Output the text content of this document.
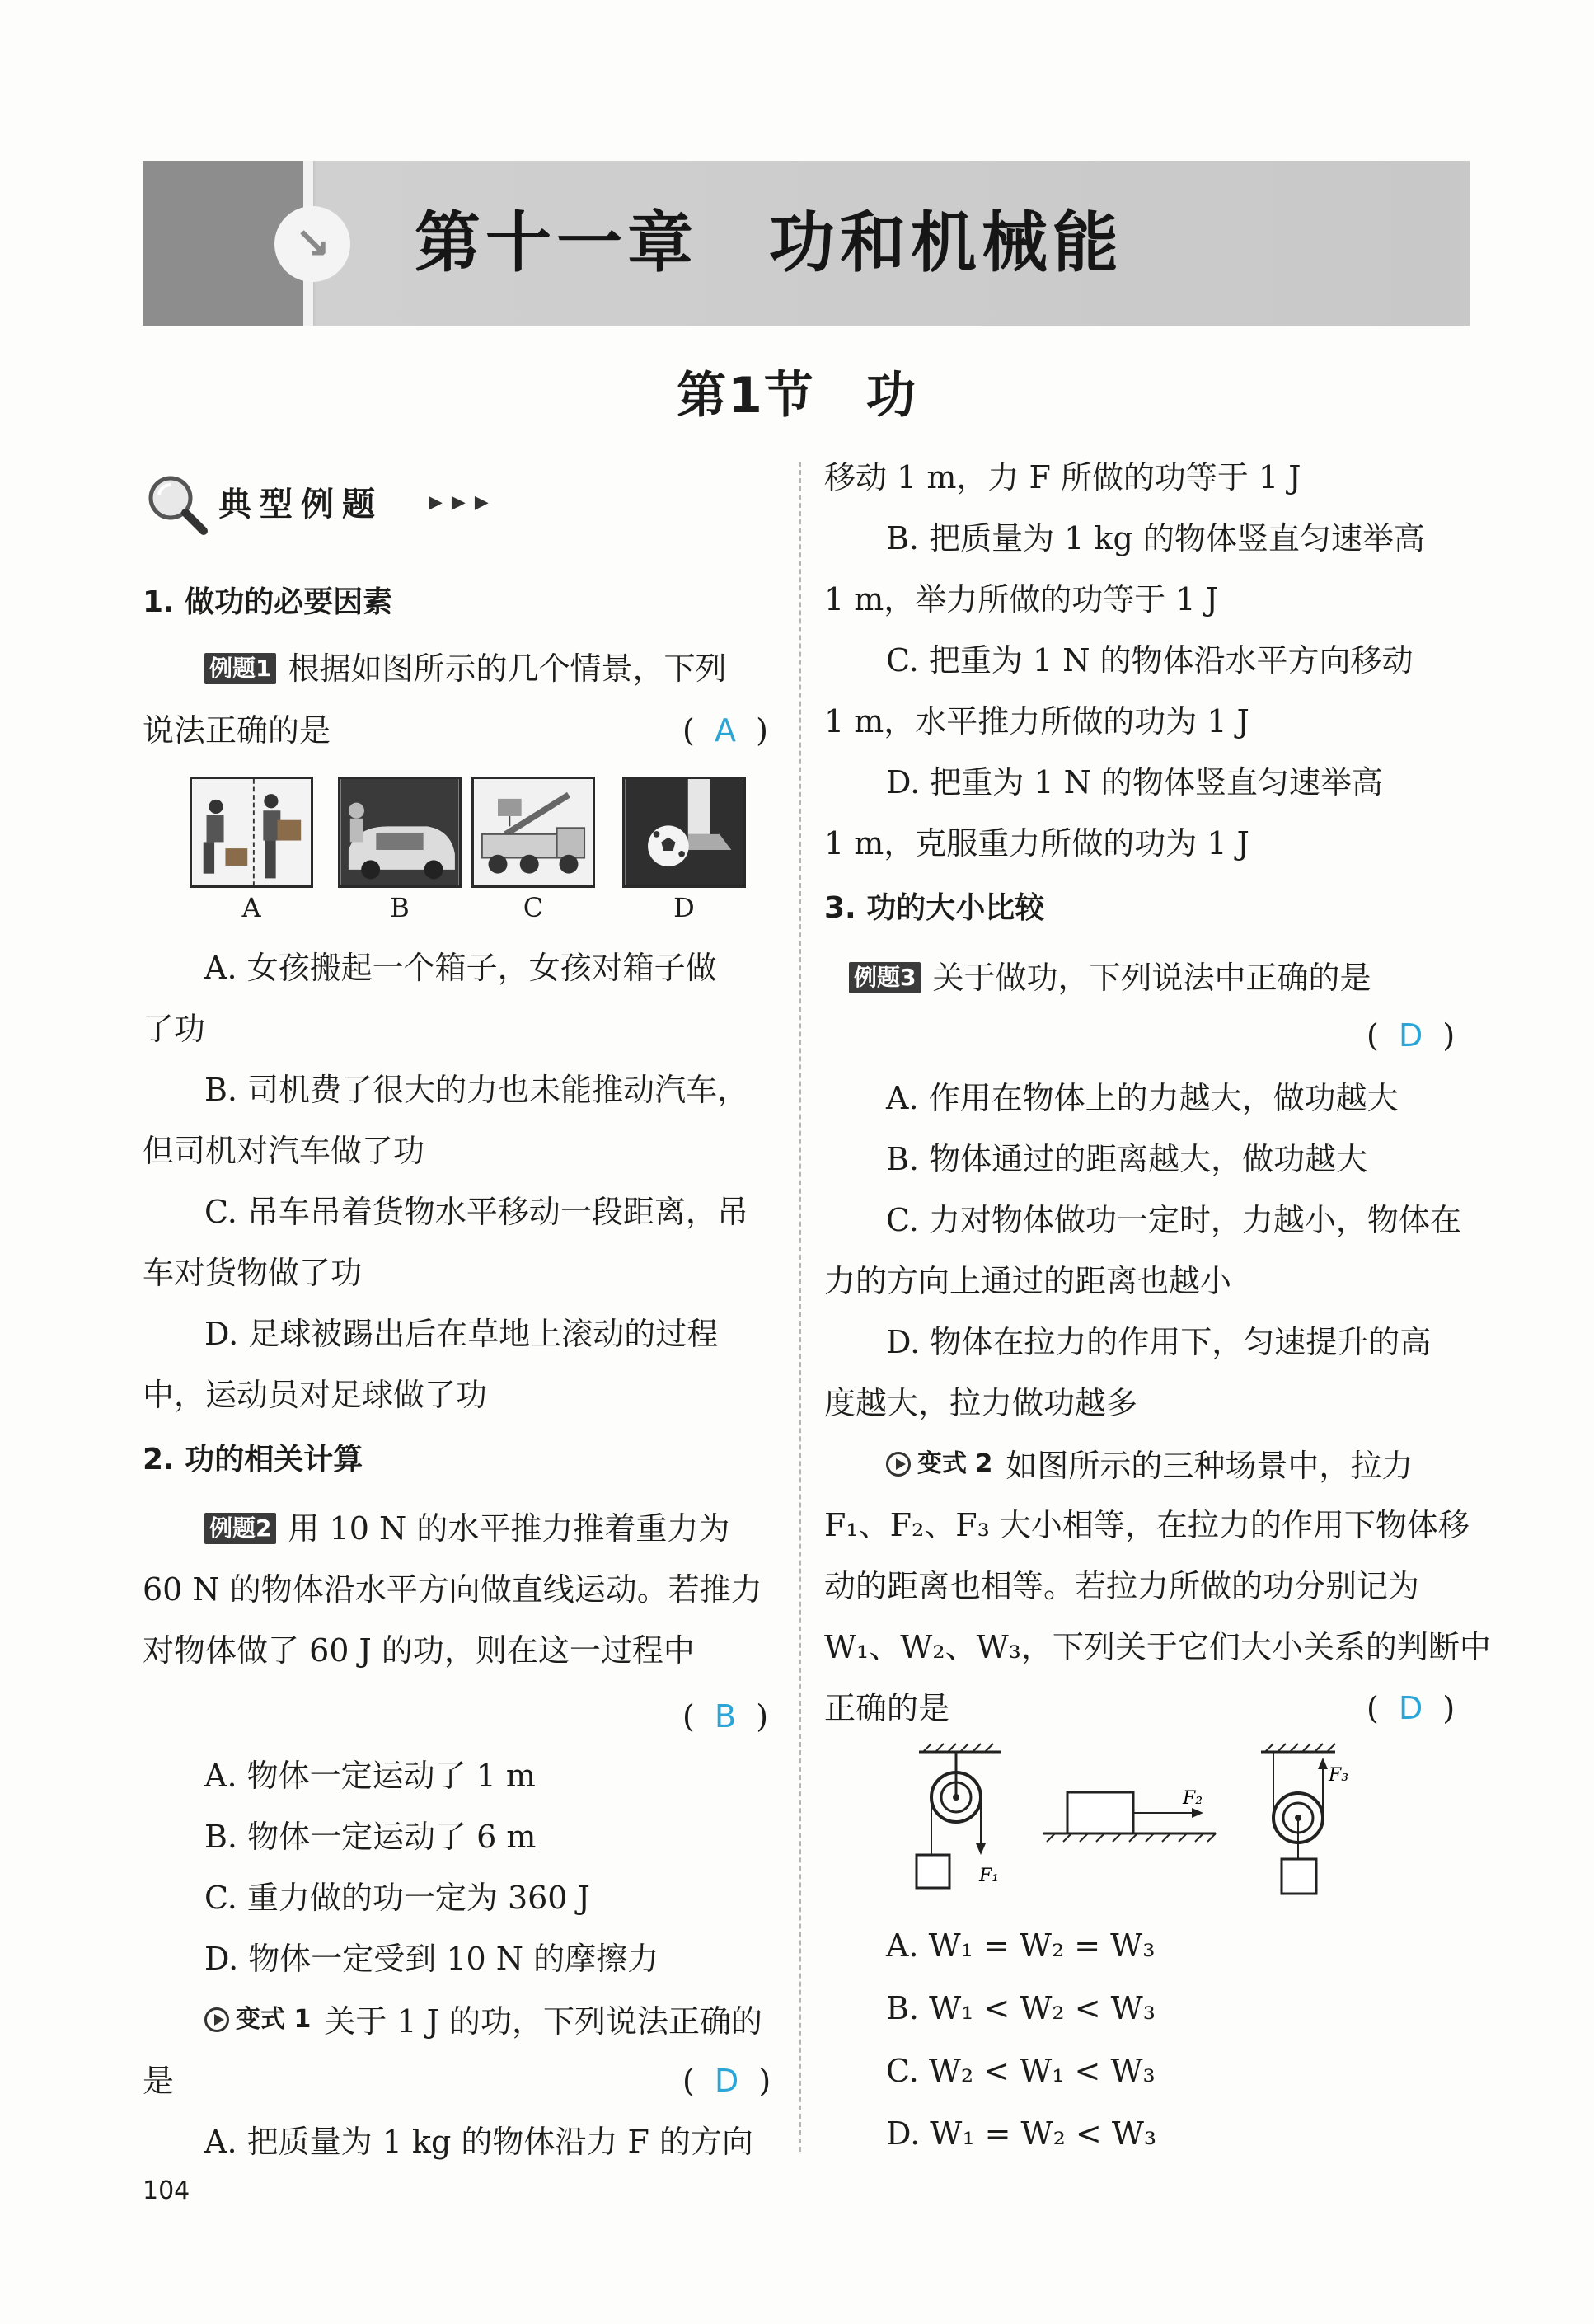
↘	第十一章　功和机械能
第1节　功
典型例题	▶ ▶ ▶
1. 做功的必要因素
例题1 根据如图所示的几个情景，下列
说法正确的是	(  A  )
A	B	C	D
A. 女孩搬起一个箱子，女孩对箱子做
了功
B. 司机费了很大的力也未能推动汽车，
但司机对汽车做了功
C. 吊车吊着货物水平移动一段距离，吊
车对货物做了功
D. 足球被踢出后在草地上滚动的过程
中，运动员对足球做了功
2. 功的相关计算
例题2 用 10 N 的水平推力推着重力为
60 N 的物体沿水平方向做直线运动。若推力
对物体做了 60 J 的功，则在这一过程中
(  B  )
A. 物体一定运动了 1 m
B. 物体一定运动了 6 m
C. 重力做的功一定为 360 J
D. 物体一定受到 10 N 的摩擦力
变式 1 关于 1 J 的功，下列说法正确的
是	(  D  )
A. 把质量为 1 kg 的物体沿力 F 的方向
移动 1 m，力 F 所做的功等于 1 J
B. 把质量为 1 kg 的物体竖直匀速举高
1 m，举力所做的功等于 1 J
C. 把重为 1 N 的物体沿水平方向移动
1 m，水平推力所做的功为 1 J
D. 把重为 1 N 的物体竖直匀速举高
1 m，克服重力所做的功为 1 J
3. 功的大小比较
例题3 关于做功，下列说法中正确的是
(  D  )
A. 作用在物体上的力越大，做功越大
B. 物体通过的距离越大，做功越大
C. 力对物体做功一定时，力越小，物体在
力的方向上通过的距离也越小
D. 物体在拉力的作用下，匀速提升的高
度越大，拉力做功越多
变式 2 如图所示的三种场景中，拉力
F₁、F₂、F₃ 大小相等，在拉力的作用下物体移
动的距离也相等。若拉力所做的功分别记为
W₁、W₂、W₃，下列关于它们大小关系的判断中
正确的是	(  D  )
F₁
F₂
F₃
A. W₁ = W₂ = W₃
B. W₁ < W₂ < W₃
C. W₂ < W₁ < W₃
D. W₁ = W₂ < W₃
104
